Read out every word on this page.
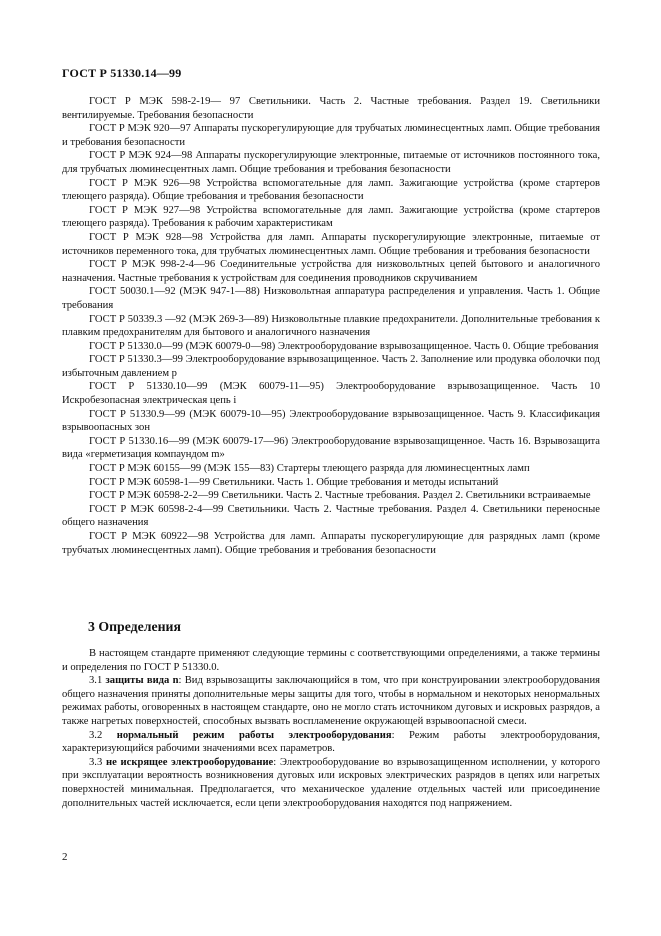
ГОСТ Р 51330.14—99

ГОСТ Р МЭК 598-2-19— 97 Светильники. Часть 2. Частные требования. Раздел 19. Светильники вентилируемые. Требования безопасности

ГОСТ Р МЭК 920—97 Аппараты пускорегулирующие для трубчатых люминесцентных ламп. Общие требования и требования безопасности

ГОСТ Р МЭК 924—98 Аппараты пускорегулирующие электронные, питаемые от источников постоянного тока, для трубчатых люминесцентных ламп. Общие требования и требования безопасности

ГОСТ Р МЭК 926—98 Устройства вспомогательные для ламп. Зажигающие устройства (кроме стартеров тлеющего разряда). Общие требования и требования безопасности

ГОСТ Р МЭК 927—98 Устройства вспомогательные для ламп. Зажигающие устройства (кроме стартеров тлеющего разряда). Требования к рабочим характеристикам

ГОСТ Р МЭК 928—98 Устройства для ламп. Аппараты пускорегулирующие электронные, питаемые от источников переменного тока, для трубчатых люминесцентных ламп. Общие требования и требования безопасности

ГОСТ Р МЭК 998-2-4—96 Соединительные устройства для низковольтных цепей бытового и аналогичного назначения. Частные требования к устройствам для соединения проводников скручиванием

ГОСТ 50030.1—92 (МЭК 947-1—88) Низковольтная аппаратура распределения и управления. Часть 1. Общие требования

ГОСТ Р 50339.3 —92 (МЭК 269-3—89) Низковольтные плавкие предохранители. Дополнительные требования к плавким предохранителям для бытового и аналогичного назначения

ГОСТ Р 51330.0—99 (МЭК 60079-0—98) Электрооборудование взрывозащищенное. Часть 0. Общие требования

ГОСТ Р 51330.3—99 Электрооборудование взрывозащищенное. Часть 2. Заполнение или продувка оболочки под избыточным давлением p

ГОСТ Р 51330.10—99 (МЭК 60079-11—95) Электрооборудование взрывозащищенное. Часть 10 Искробезопасная электрическая цепь i

ГОСТ Р 51330.9—99 (МЭК 60079-10—95) Электрооборудование взрывозащищенное. Часть 9. Классификация взрывоопасных зон

ГОСТ Р 51330.16—99 (МЭК 60079-17—96) Электрооборудование взрывозащищенное. Часть 16. Взрывозащита вида «герметизация компаундом m»

ГОСТ Р МЭК 60155—99 (МЭК 155—83) Стартеры тлеющего разряда для люминесцентных ламп

ГОСТ Р МЭК 60598-1—99 Светильники. Часть 1. Общие требования и методы испытаний

ГОСТ Р МЭК 60598-2-2—99 Светильники. Часть 2. Частные требования. Раздел 2. Светильники встраиваемые

ГОСТ Р МЭК 60598-2-4—99 Светильники. Часть 2. Частные требования. Раздел 4. Светильники переносные общего назначения

ГОСТ Р МЭК 60922—98 Устройства для ламп. Аппараты пускорегулирующие для разрядных ламп (кроме трубчатых люминесцентных ламп). Общие требования и требования безопасности

3 Определения

В настоящем стандарте применяют следующие термины с соответствующими определениями, а также термины и определения по ГОСТ Р 51330.0.

3.1 защиты вида n: Вид взрывозащиты заключающийся в том, что при конструировании электрооборудования общего назначения приняты дополнительные меры защиты для того, чтобы в нормальном и некоторых ненормальных режимах работы, оговоренных в настоящем стандарте, оно не могло стать источником дуговых и искровых разрядов, а также нагретых поверхностей, способных вызвать воспламенение окружающей взрывоопасной смеси.

3.2 нормальный режим работы электрооборудования: Режим работы электрооборудования, характеризующийся рабочими значениями всех параметров.

3.3 не искрящее электрооборудование: Электрооборудование во взрывозащищенном исполнении, у которого при эксплуатации вероятность возникновения дуговых или искровых электрических разрядов в цепях или нагретых поверхностей минимальная. Предполагается, что механическое удаление отдельных частей или присоединение дополнительных частей исключается, если цепи электрооборудования находятся под напряжением.

2
